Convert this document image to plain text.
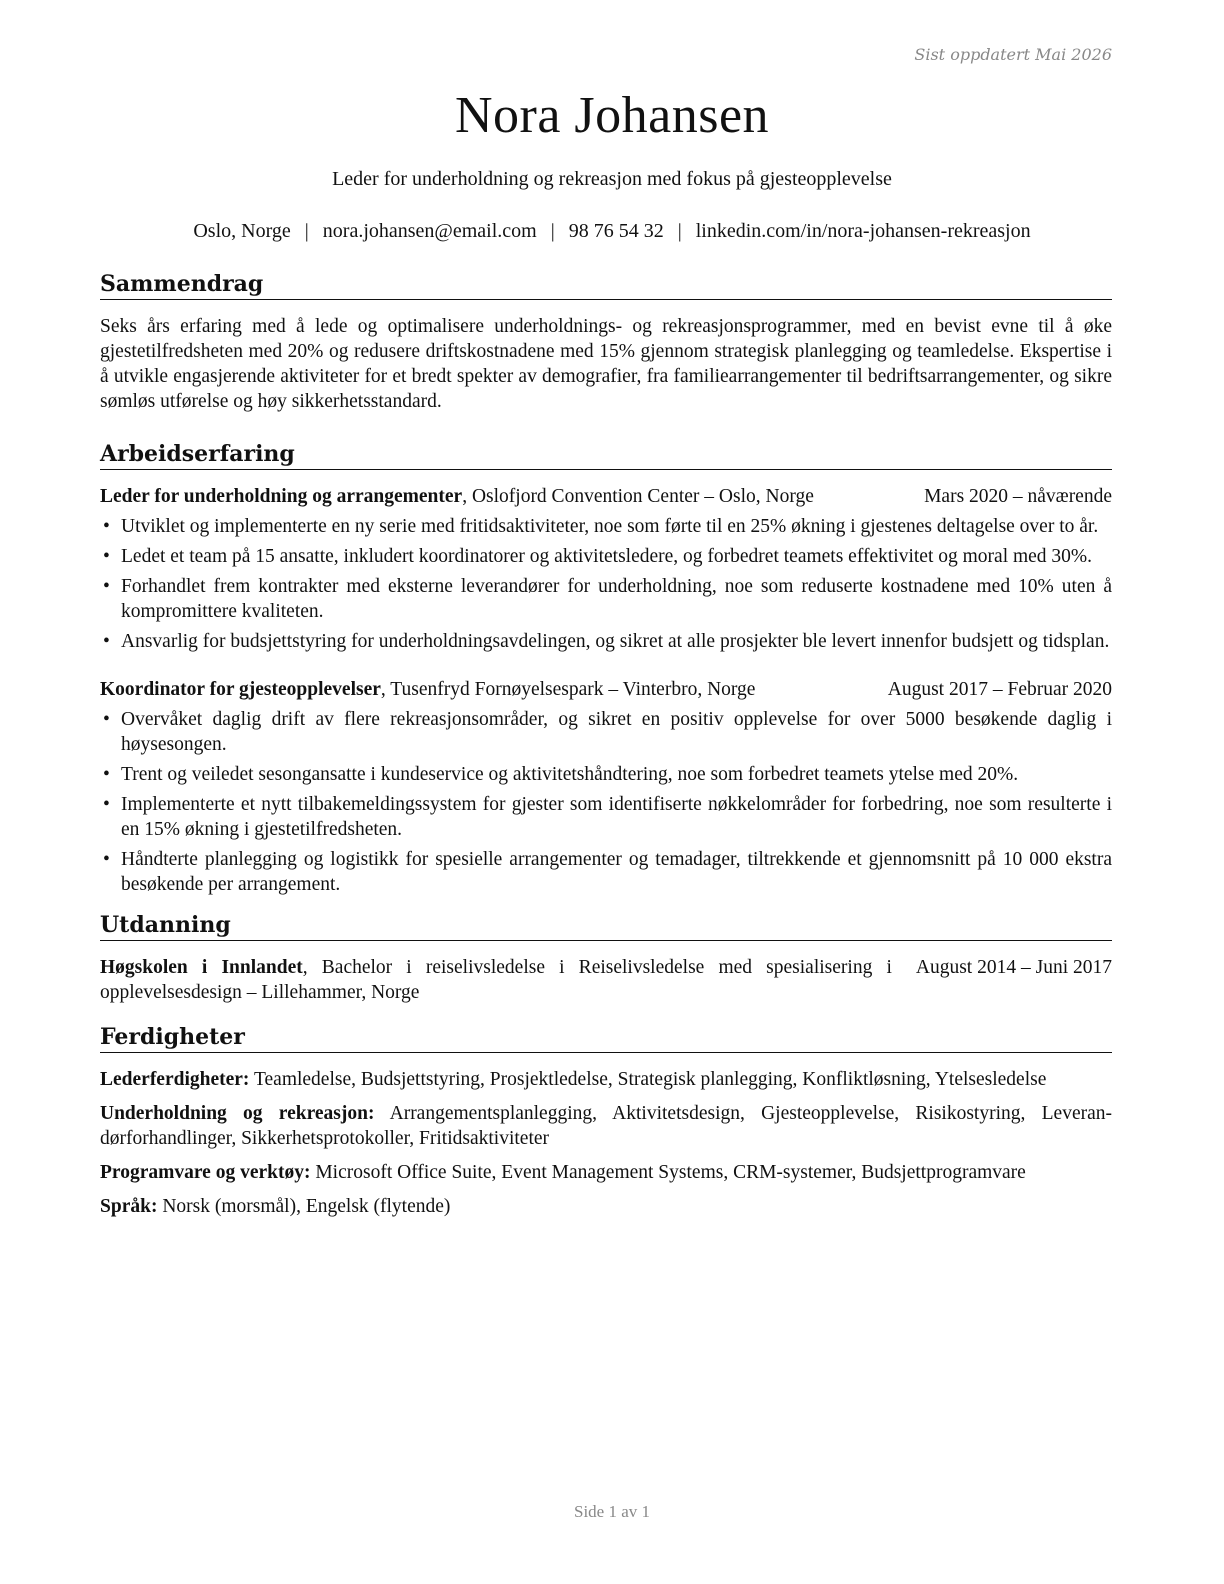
Sist oppdatert Mai 2026
Nora Johansen
Leder for underholdning og rekreasjon med fokus på gjesteopplevelse
Oslo, Norge | nora.johansen@email.com | 98 76 54 32 | linkedin.com/in/nora-johansen-rekreasjon
Sammendrag

Seks års erfaring med å lede og optimalisere underholdnings- og rekreasjonsprogrammer, med en bevist evne til å øke gjestetilfredsheten med 20% og redusere driftskostnadene med 15% gjennom strategisk planlegging og teamledelse. Ekspertise i å utvikle engasjerende aktiviteter for et bredt spekter av demografier, fra familiearrangementer til bedriftsarrangementer, og sikre sømløs utførelse og høy sikkerhetsstandard.

Arbeidserfaring
Leder for underholdning og arrangementer, Oslofjord Convention Center – Oslo, Norge	Mars 2020 – nåværende
• Utviklet og implementerte en ny serie med fritidsaktiviteter, noe som førte til en 25% økning i gjestenes deltagelse over to år.
• Ledet et team på 15 ansatte, inkludert koordinatorer og aktivitetsledere, og forbedret teamets effektivitet og moral med 30%.
• Forhandlet frem kontrakter med eksterne leverandører for underholdning, noe som reduserte kostnadene med 10% uten å kompromittere kvaliteten.
• Ansvarlig for budsjettstyring for underholdningsavdelingen, og sikret at alle prosjekter ble levert innenfor budsjett og tidsplan.
Koordinator for gjesteopplevelser, Tusenfryd Fornøyelsespark – Vinterbro, Norge	August 2017 – Februar 2020
• Overvåket daglig drift av flere rekreasjonsområder, og sikret en positiv opplevelse for over 5000 besøkende daglig i høysesongen.
• Trent og veiledet sesongansatte i kundeservice og aktivitetshåndtering, noe som forbedret teamets ytelse med 20%.
• Implementerte et nytt tilbakemeldingssystem for gjester som identifiserte nøkkelområder for forbedring, noe som resulterte i en 15% økning i gjestetilfredsheten.
• Håndterte planlegging og logistikk for spesielle arrangementer og temadager, tiltrekkende et gjennomsnitt på 10 000 ekstra besøkende per arrangement.
Utdanning
Høgskolen i Innlandet, Bachelor i reiselivsledelse i Reiselivsledelse med spesialisering i opplevelsesdesign – Lillehammer, Norge
August 2014 – Juni 2017
Ferdigheter
Lederferdigheter: Teamledelse, Budsjettstyring, Prosjektledelse, Strategisk planlegging, Konfliktløsning, Ytelsesledelse
Underholdning og rekreasjon: Arrangementsplanlegging, Aktivitetsdesign, Gjesteopplevelse, Risikostyring, Leverandørforhandlinger, Sikkerhetsprotokoller, Fritidsaktiviteter
Programvare og verktøy: Microsoft Office Suite, Event Management Systems, CRM-systemer, Budsjettprogramvare
Språk: Norsk (morsmål), Engelsk (flytende)
Side 1 av 1
